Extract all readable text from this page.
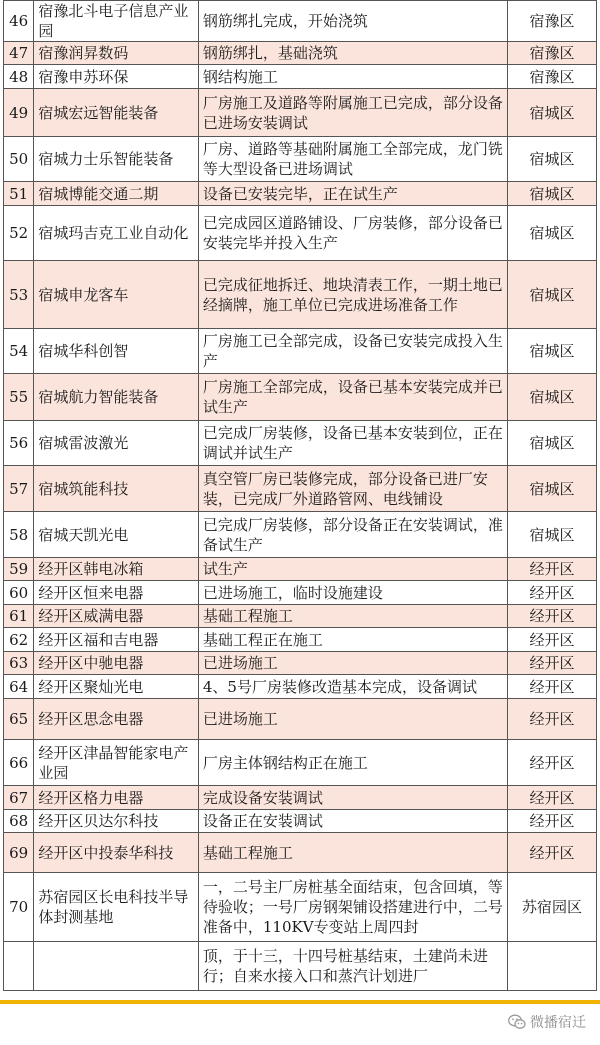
46	宿豫北斗电子信息产业园	钢筋绑扎完成，开始浇筑	宿豫区
47	宿豫润昇数码	钢筋绑扎，基础浇筑	宿豫区
48	宿豫申苏环保	钢结构施工	宿豫区
49	宿城宏远智能装备	厂房施工及道路等附属施工已完成，部分设备已进场安装调试	宿城区
50	宿城力士乐智能装备	厂房、道路等基础附属施工全部完成，龙门铣等大型设备已进场调试	宿城区
51	宿城博能交通二期	设备已安装完毕，正在试生产	宿城区
52	宿城玛吉克工业自动化	已完成园区道路铺设、厂房装修，部分设备已安装完毕并投入生产	宿城区
53	宿城申龙客车	已完成征地拆迁、地块清表工作，一期土地已经摘牌，施工单位已完成进场准备工作	宿城区
54	宿城华科创智	厂房施工已全部完成，设备已安装完成投入生产	宿城区
55	宿城航力智能装备	厂房施工全部完成，设备已基本安装完成并已试生产	宿城区
56	宿城雷波激光	已完成厂房装修，设备已基本安装到位，正在调试并试生产	宿城区
57	宿城筑能科技	真空管厂房已装修完成，部分设备已进厂安装，已完成厂外道路管网、电线铺设	宿城区
58	宿城天凯光电	已完成厂房装修，部分设备正在安装调试，准备试生产	宿城区
59	经开区韩电冰箱	试生产	经开区
60	经开区恒来电器	已进场施工，临时设施建设	经开区
61	经开区威满电器	基础工程施工	经开区
62	经开区福和吉电器	基础工程正在施工	经开区
63	经开区中驰电器	已进场施工	经开区
64	经开区聚灿光电	4、5号厂房装修改造基本完成，设备调试	经开区
65	经开区思念电器	已进场施工	经开区
66	经开区津晶智能家电产业园	厂房主体钢结构正在施工	经开区
67	经开区格力电器	完成设备安装调试	经开区
68	经开区贝达尔科技	设备正在安装调试	经开区
69	经开区中投泰华科技	基础工程施工	经开区
70	苏宿园区长电科技半导体封测基地	一，二号主厂房桩基全面结束，包含回填，等待验收；一号厂房钢架铺设搭建进行中，二号准备中，110KV专变站上周四封	苏宿园区
		顶，于十三，十四号桩基结束，土建尚未进行；自来水接入口和蒸汽计划进厂	
微播宿迁
